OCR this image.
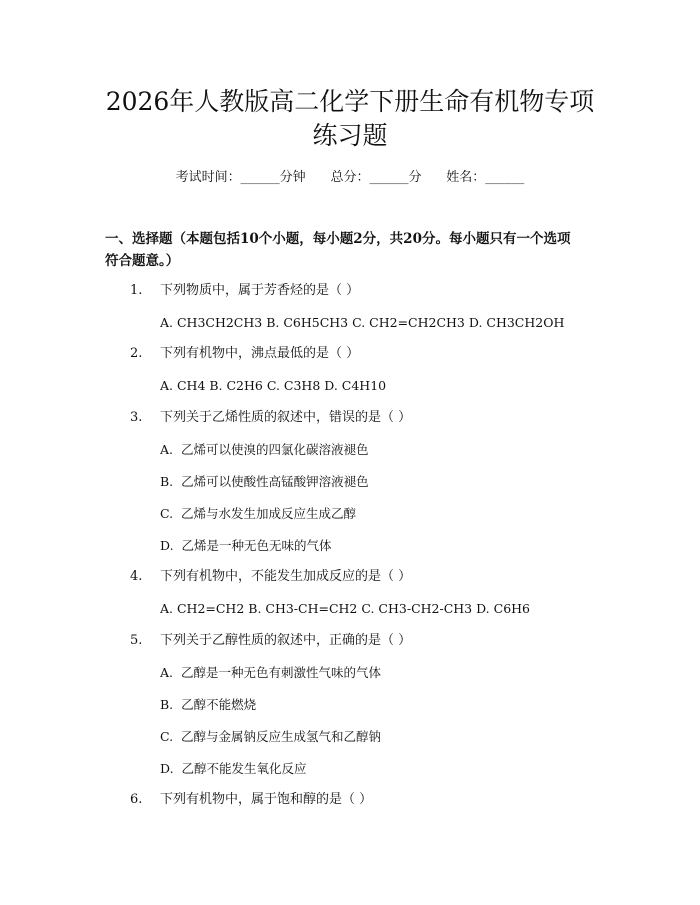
2026年人教版高二化学下册生命有机物专项
练习题
考试时间：______分钟 总分：______分 姓名：______
一、选择题（本题包括10个小题，每小题2分，共20分。每小题只有一个选项
符合题意。）
1. 下列物质中，属于芳香烃的是（ ）
A. CH3CH2CH3 B. C6H5CH3 C. CH2=CH2CH3 D. CH3CH2OH
2. 下列有机物中，沸点最低的是（ ）
A. CH4 B. C2H6 C. C3H8 D. C4H10
3. 下列关于乙烯性质的叙述中，错误的是（ ）
A.  乙烯可以使溴的四氯化碳溶液褪色
B.  乙烯可以使酸性高锰酸钾溶液褪色
C.  乙烯与水发生加成反应生成乙醇
D.  乙烯是一种无色无味的气体
4. 下列有机物中，不能发生加成反应的是（ ）
A. CH2=CH2 B. CH3-CH=CH2 C. CH3-CH2-CH3 D. C6H6
5. 下列关于乙醇性质的叙述中，正确的是（ ）
A.  乙醇是一种无色有刺激性气味的气体
B.  乙醇不能燃烧
C.  乙醇与金属钠反应生成氢气和乙醇钠
D.  乙醇不能发生氧化反应
6. 下列有机物中，属于饱和醇的是（ ）
